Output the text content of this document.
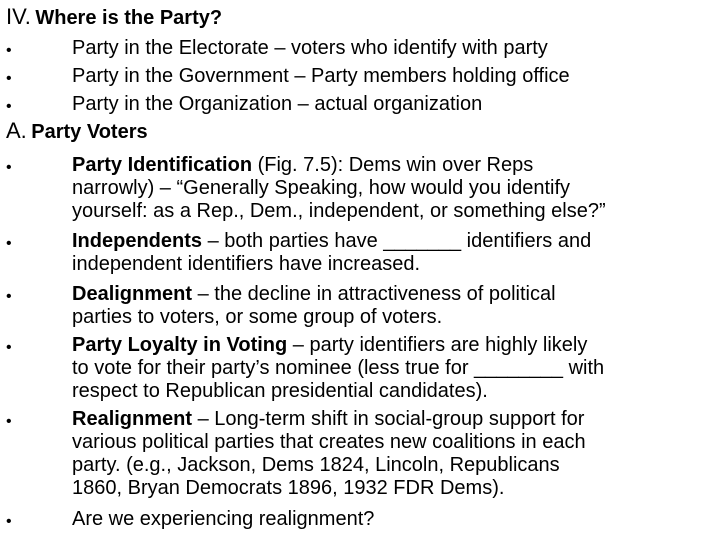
IV. Where is the Party?
•	Party in the Electorate – voters who identify with party
•	Party in the Government – Party members holding office
•	Party in the Organization – actual organization
A. Party Voters
•	Party Identification (Fig. 7.5): Dems win over Reps
narrowly) – “Generally Speaking, how would you identify
yourself: as a Rep., Dem., independent, or something else?”
•	Independents – both parties have _______ identifiers and
independent identifiers have increased.
•	Dealignment – the decline in attractiveness of political
parties to voters, or some group of voters.
•	Party Loyalty in Voting – party identifiers are highly likely
to vote for their party’s nominee (less true for ________ with
respect to Republican presidential candidates).
•	Realignment – Long-term shift in social-group support for
various political parties that creates new coalitions in each
party. (e.g., Jackson, Dems 1824, Lincoln, Republicans
1860, Bryan Democrats 1896, 1932 FDR Dems).
•	Are we experiencing realignment?
